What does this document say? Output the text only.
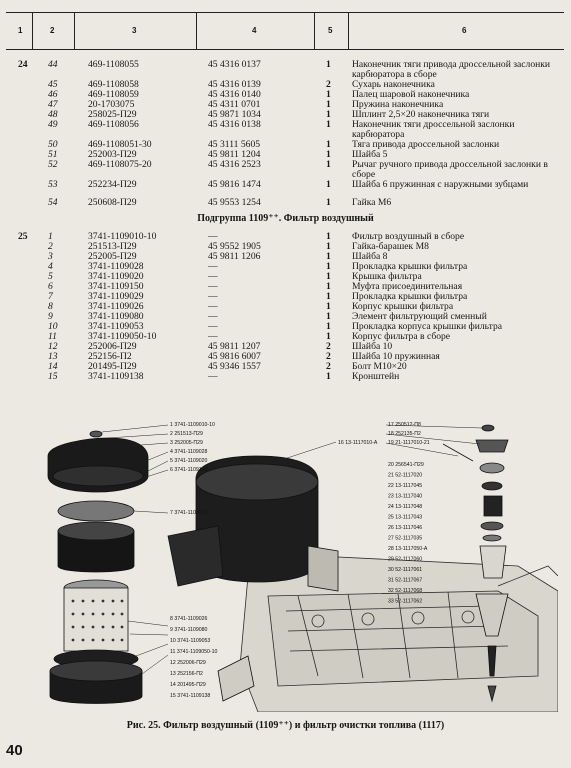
1	2	3	4	5	6
24 44	469-1108055	45 4316 0137	1 Наконечник тяги привода дроссельной заслонки карбюратора в сборе
45	469-1108058	45 4316 0139	2 Сухарь наконечника
46	469-1108059	45 4316 0140	1 Палец шаровой наконечника
47	20-1703075	45 4311 0701	1 Пружина наконечника
48	258025-П29	45 9871 1034	1 Шплинт 2,5×20 наконечника тяги
49	469-1108056	45 4316 0138	1 Наконечник тяги дроссельной заслонки карбюратора
50	469-1108051-30	45 3111 5605	1 Тяга привода дроссельной заслонки
51	252003-П29	45 9811 1204	1 Шайба 5
52	469-1108075-20	45 4316 2523	1 Рычаг ручного привода дроссельной заслонки в сборе
53	252234-П29	45 9816 1474	1 Шайба 6 пружинная с наружными зубцами
54	250608-П29	45 9553 1254	1 Гайка М6
Подгруппа 1109⁺⁺. Фильтр воздушный
25 1	3741-1109010-10	—	1 Фильтр воздушный в сборе
2	251513-П29	45 9552 1905	1 Гайка-барашек М8
3	252005-П29	45 9811 1206	1 Шайба 8
4	3741-1109028	—	1 Прокладка крышки фильтра
5	3741-1109020	—	1 Крышка фильтра
6	3741-1109150	—	1 Муфта присоединительная
7	3741-1109029	—	1 Прокладка крышки фильтра
8	3741-1109026	—	1 Корпус крышки фильтра
9	3741-1109080	—	1 Элемент фильтрующий сменный
10	3741-1109053	—	1 Прокладка корпуса крышки фильтра
11	3741-1109050-10	—	1 Корпус фильтра в сборе
12	252006-П29	45 9811 1207	2 Шайба 10
13	252156-П2	45 9816 6007	2 Шайба 10 пружинная
14	201495-П29	45 9346 1557	2 Болт М10×20
15	3741-1109138	—	1 Кронштейн
1 3741-1109010-10
2 251513-П29
3 252005-П29
4 3741-1109028
5 3741-1109020
6 3741-1109150
7 3741-1109029
8 3741-1109026
9 3741-1109080
10 3741-1109053
11 3741-1109050-10
12 252006-П29
13 252156-П2
14 201495-П29
15 3741-1109138
16 13-1117010-А
17 250512-П8
18 252135-П2
19 21-1117010-21
20 256541-П29
21 52-1117020
22 13-1117045
23 13-1117040
24 13-1117048
25 13-1117043
26 13-1117046
27 52-1117035
28 13-1117050-А
29 52-1117060
30 52-1117061
31 52-1117067
32 52-1117068
33 52-1117062
Рис. 25. Фильтр воздушный (1109⁺⁺) и фильтр очистки топлива (1117)
40
